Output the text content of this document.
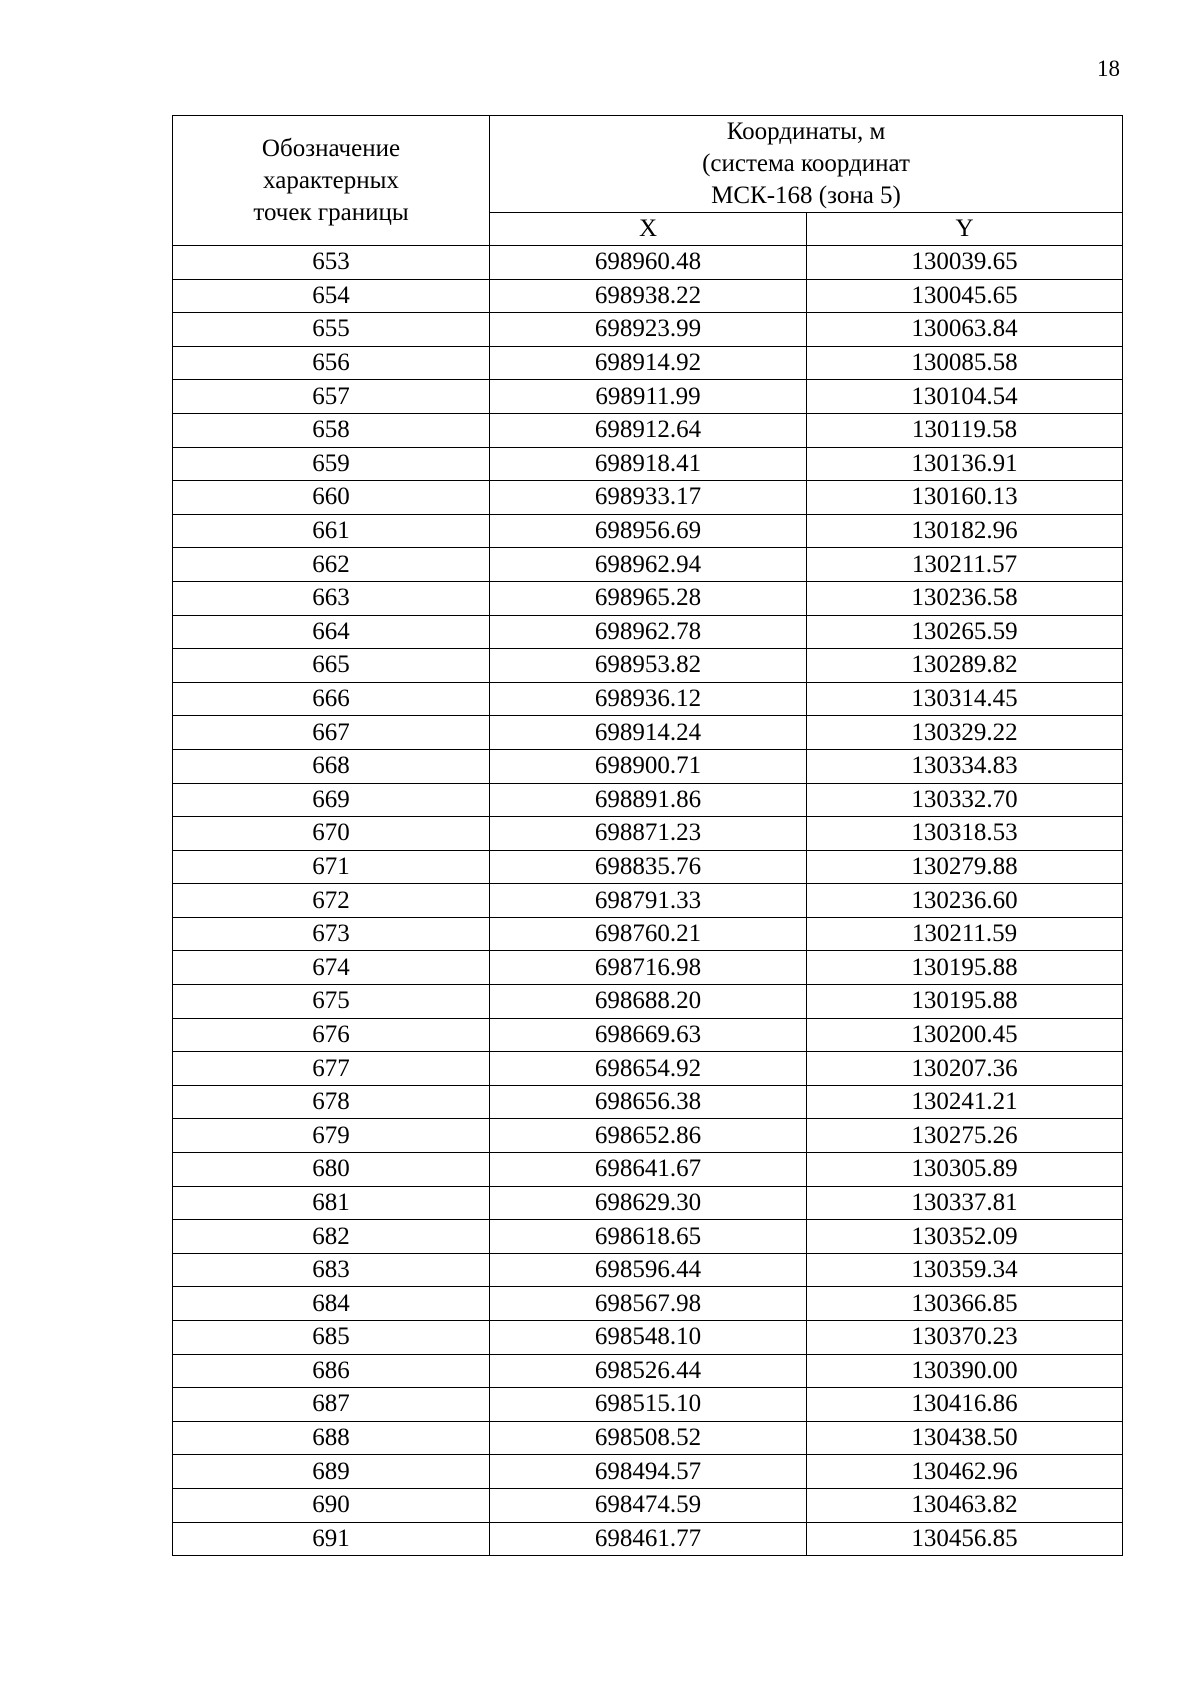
18
Обозначение
характерных
точек границы	Координаты, м
(система координат
МСК-168 (зона 5)	

	X	Y
653	698960.48	130039.65
654	698938.22	130045.65
655	698923.99	130063.84
656	698914.92	130085.58
657	698911.99	130104.54
658	698912.64	130119.58
659	698918.41	130136.91
660	698933.17	130160.13
661	698956.69	130182.96
662	698962.94	130211.57
663	698965.28	130236.58
664	698962.78	130265.59
665	698953.82	130289.82
666	698936.12	130314.45
667	698914.24	130329.22
668	698900.71	130334.83
669	698891.86	130332.70
670	698871.23	130318.53
671	698835.76	130279.88
672	698791.33	130236.60
673	698760.21	130211.59
674	698716.98	130195.88
675	698688.20	130195.88
676	698669.63	130200.45
677	698654.92	130207.36
678	698656.38	130241.21
679	698652.86	130275.26
680	698641.67	130305.89
681	698629.30	130337.81
682	698618.65	130352.09
683	698596.44	130359.34
684	698567.98	130366.85
685	698548.10	130370.23
686	698526.44	130390.00
687	698515.10	130416.86
688	698508.52	130438.50
689	698494.57	130462.96
690	698474.59	130463.82
691	698461.77	130456.85
